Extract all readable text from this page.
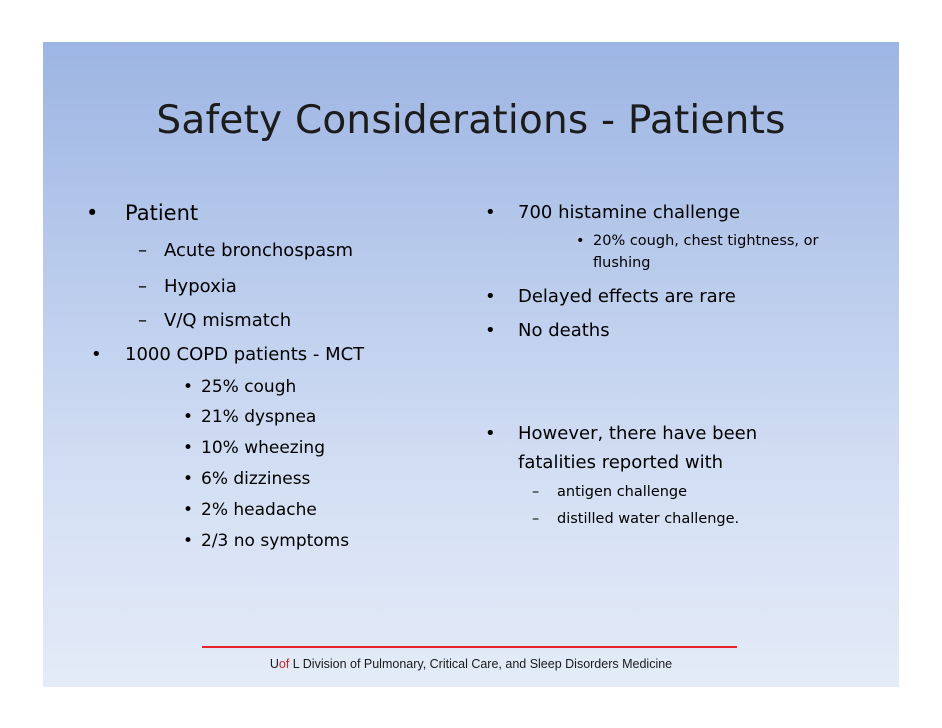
Safety Considerations - Patients
• Patient
– Acute bronchospasm
– Hypoxia
– V/Q mismatch
• 1000 COPD patients - MCT
• 25% cough
• 21% dyspnea
• 10% wheezing
• 6% dizziness
• 2% headache
• 2/3 no symptoms
• 700 histamine challenge
• 20% cough, chest tightness, or
flushing
• Delayed effects are rare
• No deaths
• However, there have been
fatalities reported with
– antigen challenge
– distilled water challenge.
Uof L Division of Pulmonary, Critical Care, and Sleep Disorders Medicine
